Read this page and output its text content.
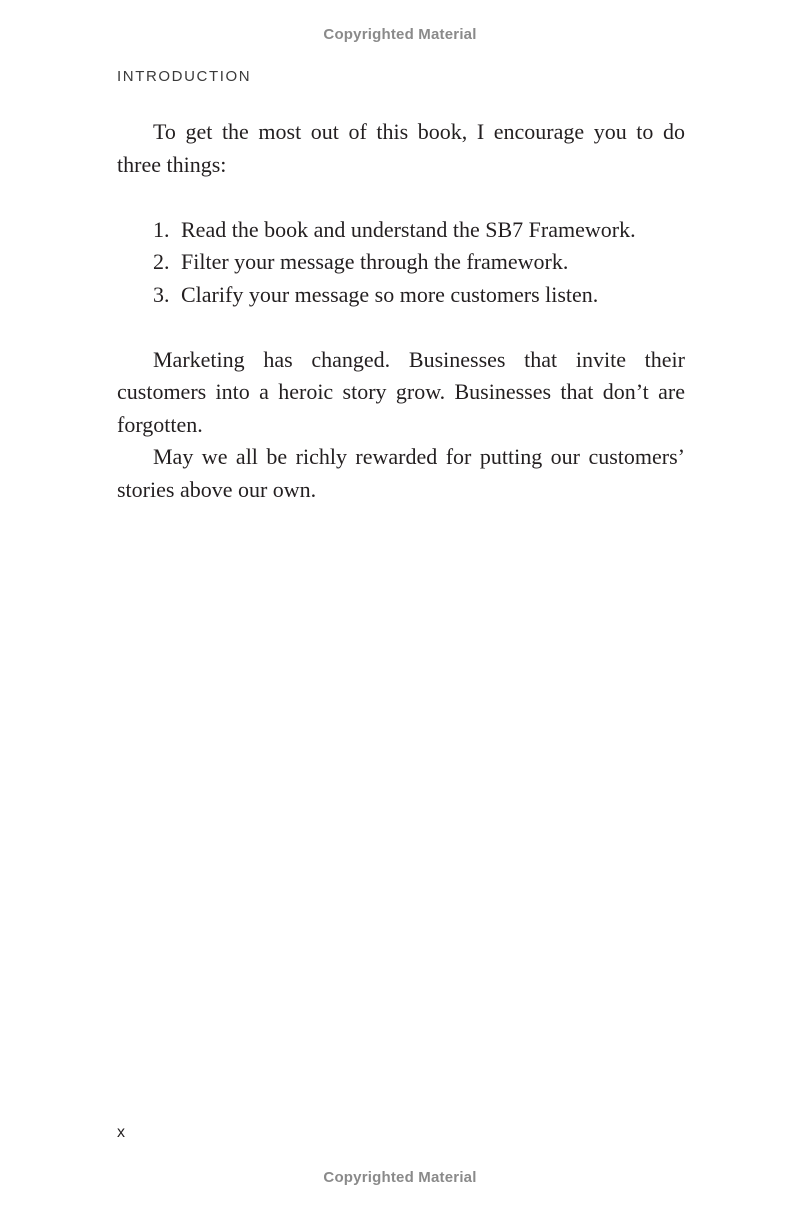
Copyrighted Material
INTRODUCTION

To get the most out of this book, I encourage you to do three things:

1. Read the book and understand the SB7 Framework.
2. Filter your message through the framework.
3. Clarify your message so more customers listen.

Marketing has changed. Businesses that invite their customers into a heroic story grow. Businesses that don’t are forgotten.

May we all be richly rewarded for putting our customers’ stories above our own.

x
Copyrighted Material
